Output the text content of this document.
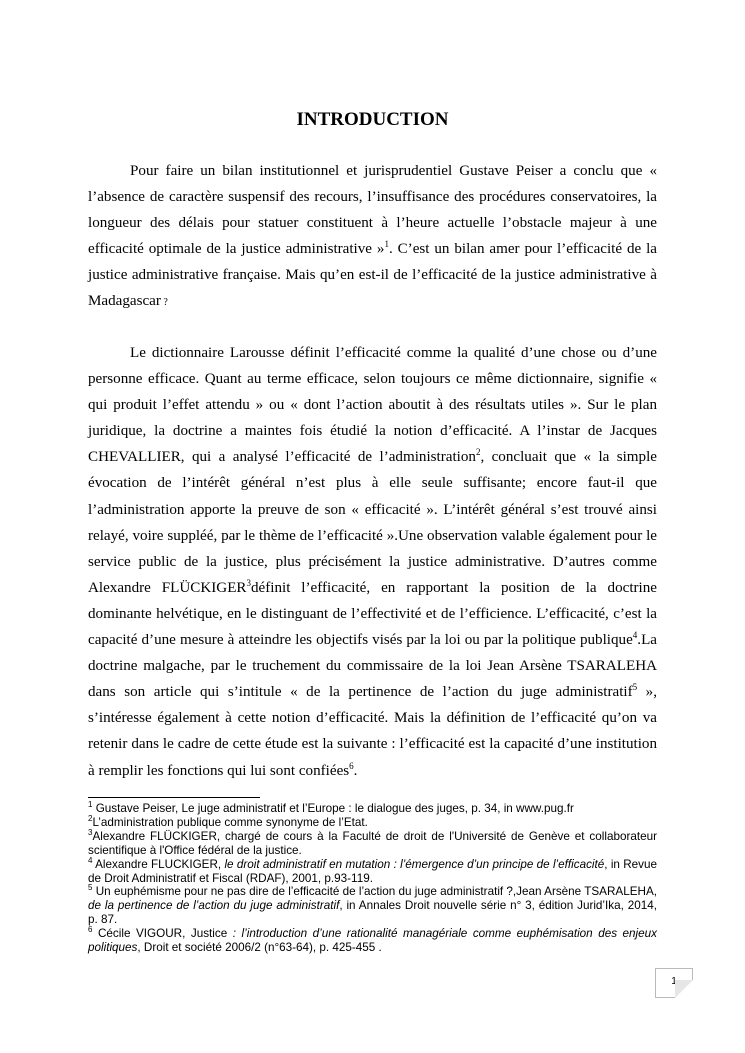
INTRODUCTION

Pour faire un bilan institutionnel et jurisprudentiel Gustave Peiser a conclu que « l’absence de caractère suspensif des recours, l’insuffisance des procédures conservatoires, la longueur des délais pour statuer constituent à l’heure actuelle l’obstacle majeur à une efficacité optimale de la justice administrative »$^1$. C’est un bilan amer pour l’efficacité de la justice administrative française. Mais qu’en est-il de l’efficacité de la justice administrative à Madagascar ?

Le dictionnaire Larousse définit l’efficacité comme la qualité d’une chose ou d’une personne efficace. Quant au terme efficace, selon toujours ce même dictionnaire, signifie « qui produit l’effet attendu » ou « dont l’action aboutit à des résultats utiles ». Sur le plan juridique, la doctrine a maintes fois étudié la notion d’efficacité. A l’instar de Jacques CHEVALLIER, qui a analysé l’efficacité de l’administration$^2$, concluait que « la simple évocation de l’intérêt général n’est plus à elle seule suffisante; encore faut-il que l’administration apporte la preuve de son « efficacité ». L’intérêt général s’est trouvé ainsi relayé, voire suppléé, par le thème de l’efficacité ».Une observation valable également pour le service public de la justice, plus précisément la justice administrative. D’autres comme Alexandre FLÜCKIGER$^3$définit l’efficacité, en rapportant la position de la doctrine dominante helvétique, en le distinguant de l’effectivité et de l’efficience. L’efficacité, c’est la capacité d’une mesure à atteindre les objectifs visés par la loi ou par la politique publique$^4$.La doctrine malgache, par le truchement du commissaire de la loi Jean Arsène TSARALEHA dans son article qui s’intitule « de la pertinence de l’action du juge administratif$^5$ », s’intéresse également à cette notion d’efficacité. Mais la définition de l’efficacité qu’on va retenir dans le cadre de cette étude est la suivante : l’efficacité est la capacité d’une institution à remplir les fonctions qui lui sont confiées$^6$.

$^1$ Gustave Peiser, Le juge administratif et l’Europe : le dialogue des juges, p. 34, in www.pug.fr

$^2$L’administration publique comme synonyme de l’Etat.

$^3$Alexandre FLÜCKIGER, chargé de cours à la Faculté de droit de l'Université de Genève et collaborateur scientifique à l'Office fédéral de la justice.

$^4$ Alexandre FLUCKIGER, le droit administratif en mutation : l’émergence d’un principe de l’efficacité, in Revue de Droit Administratif et Fiscal (RDAF), 2001, p.93-119.

$^5$ Un euphémisme pour ne pas dire de l’efficacité de l’action du juge administratif ?,Jean Arsène TSARALEHA, de la pertinence de l’action du juge administratif, in Annales Droit nouvelle série n° 3, édition Jurid’Ika, 2014, p. 87.

$^6$ Cécile VIGOUR, Justice : l’introduction d’une rationalité managériale comme euphémisation des enjeux politiques, Droit et société 2006/2 (n°63-64), p. 425-455 .

1
